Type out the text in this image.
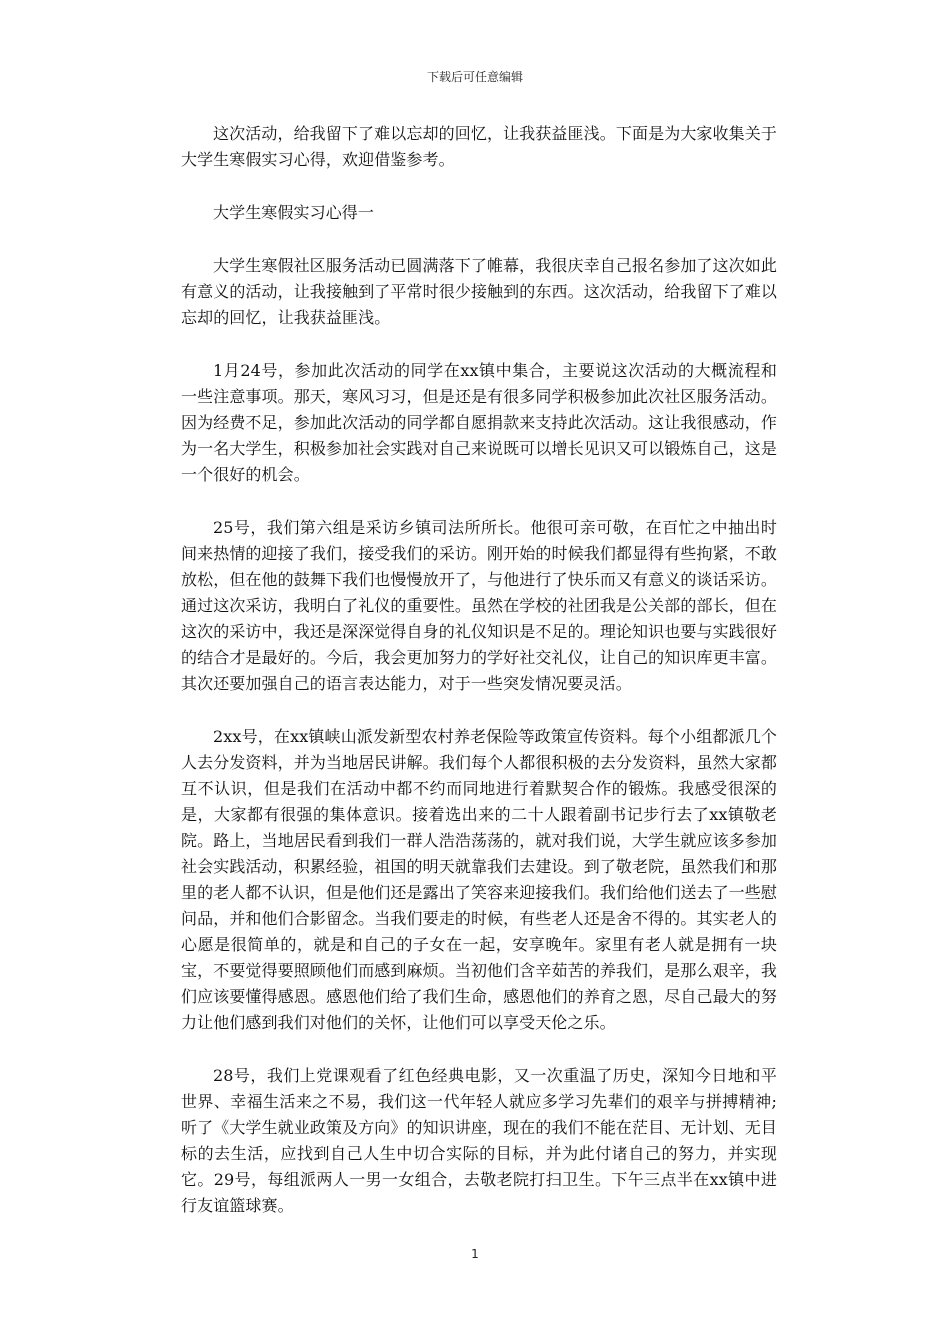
下载后可任意编辑

这次活动，给我留下了难以忘却的回忆，让我获益匪浅。下面是为大家收集关于大学生寒假实习心得，欢迎借鉴参考。

大学生寒假实习心得一

大学生寒假社区服务活动已圆满落下了帷幕，我很庆幸自己报名参加了这次如此有意义的活动，让我接触到了平常时很少接触到的东西。这次活动，给我留下了难以忘却的回忆，让我获益匪浅。

1月24号，参加此次活动的同学在xx镇中集合，主要说这次活动的大概流程和一些注意事项。那天，寒风习习，但是还是有很多同学积极参加此次社区服务活动。因为经费不足，参加此次活动的同学都自愿捐款来支持此次活动。这让我很感动，作为一名大学生，积极参加社会实践对自己来说既可以增长见识又可以锻炼自己，这是一个很好的机会。

25号，我们第六组是采访乡镇司法所所长。他很可亲可敬，在百忙之中抽出时间来热情的迎接了我们，接受我们的采访。刚开始的时候我们都显得有些拘紧，不敢放松，但在他的鼓舞下我们也慢慢放开了，与他进行了快乐而又有意义的谈话采访。通过这次采访，我明白了礼仪的重要性。虽然在学校的社团我是公关部的部长，但在这次的采访中，我还是深深觉得自身的礼仪知识是不足的。理论知识也要与实践很好的结合才是最好的。今后，我会更加努力的学好社交礼仪，让自己的知识库更丰富。其次还要加强自己的语言表达能力，对于一些突发情况要灵活。

2xx号，在xx镇峡山派发新型农村养老保险等政策宣传资料。每个小组都派几个人去分发资料，并为当地居民讲解。我们每个人都很积极的去分发资料，虽然大家都互不认识，但是我们在活动中都不约而同地进行着默契合作的锻炼。我感受很深的是，大家都有很强的集体意识。接着选出来的二十人跟着副书记步行去了xx镇敬老院。路上，当地居民看到我们一群人浩浩荡荡的，就对我们说，大学生就应该多参加社会实践活动，积累经验，祖国的明天就靠我们去建设。到了敬老院，虽然我们和那里的老人都不认识，但是他们还是露出了笑容来迎接我们。我们给他们送去了一些慰问品，并和他们合影留念。当我们要走的时候，有些老人还是舍不得的。其实老人的心愿是很简单的，就是和自己的子女在一起，安享晚年。家里有老人就是拥有一块宝，不要觉得要照顾他们而感到麻烦。当初他们含辛茹苦的养我们，是那么艰辛，我们应该要懂得感恩。感恩他们给了我们生命，感恩他们的养育之恩，尽自己最大的努力让他们感到我们对他们的关怀，让他们可以享受天伦之乐。

28号，我们上党课观看了红色经典电影，又一次重温了历史，深知今日地和平世界、幸福生活来之不易，我们这一代年轻人就应多学习先辈们的艰辛与拼搏精神;听了《大学生就业政策及方向》的知识讲座，现在的我们不能在茫目、无计划、无目标的去生活，应找到自己人生中切合实际的目标，并为此付诸自己的努力，并实现它。29号，每组派两人一男一女组合，去敬老院打扫卫生。下午三点半在xx镇中进行友谊篮球赛。

1
